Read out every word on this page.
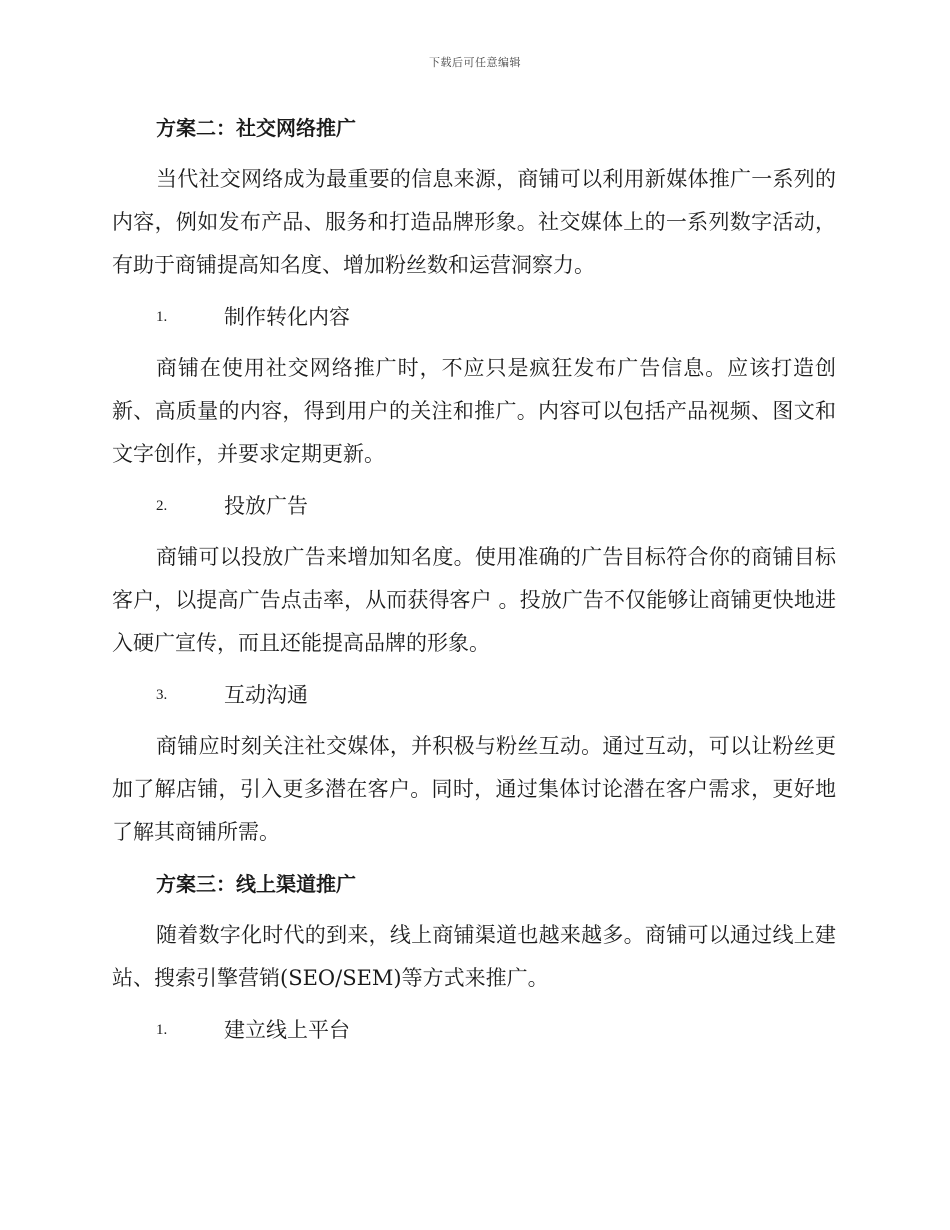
下载后可任意编辑
方案二：社交网络推广
当代社交网络成为最重要的信息来源，商铺可以利用新媒体推广一系列的内容，例如发布产品、服务和打造品牌形象。社交媒体上的一系列数字活动，有助于商铺提高知名度、增加粉丝数和运营洞察力。
1.	制作转化内容
商铺在使用社交网络推广时，不应只是疯狂发布广告信息。应该打造创新、高质量的内容，得到用户的关注和推广。内容可以包括产品视频、图文和文字创作，并要求定期更新。
2.	投放广告
商铺可以投放广告来增加知名度。使用准确的广告目标符合你的商铺目标客户，以提高广告点击率，从而获得客户 。投放广告不仅能够让商铺更快地进入硬广宣传，而且还能提高品牌的形象。
3.	互动沟通
商铺应时刻关注社交媒体，并积极与粉丝互动。通过互动，可以让粉丝更加了解店铺，引入更多潜在客户。同时，通过集体讨论潜在客户需求，更好地了解其商铺所需。
方案三：线上渠道推广
随着数字化时代的到来，线上商铺渠道也越来越多。商铺可以通过线上建站、搜索引擎营销(SEO/SEM)等方式来推广。
1.	建立线上平台
